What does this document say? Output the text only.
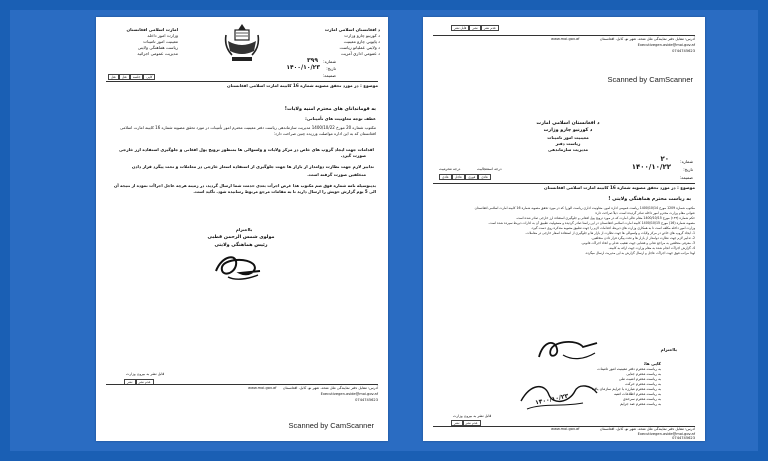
د افغانستان اسلامي امارت
د کورنیو چارو وزارت
د ټاټوبي چارو معینیت
د ولایتي عملیاتو ریاست
د عمومي اداري آمریت
امارت اسلامی افغانستان
وزارت امور داخله
معینیت امور تامینات
ریاست هماهنگی ولایتی
مدیریت عمومی اجرائیه
شماره:
۳۹۹
تاریخ:
۱۴۰۰/۱۰/۲۳
ضمیمه:
نقل	نقل	جلسه	کاپی
موضوع : در مورد تحقق مصوبه شماره 16 کابینه امارت اسلامی افغانستان
به قوماندانای های محترم امنیه ولایات!
عطف توجه معاونیت های تأمیناتی:
مکتوب شماره 20 مورخ 1400/10/22 مدیریت سازماندهی ریاست دفتر معینیت محترم امور تأمینات در مورد تحقق مصوبه شماره 16 کابینه امارت اسلامی افغانستان که به این اداره مواصلت ورزیده چنین صراحت دارد:
اقدامات جهت ایجاد گروپ های خاص در مرکز ولایات و ولسوالی ها بمنظور ترویج پول افغانی و جلوگیری استفاده ارز خارجی
صورت گیرد.
تدابیر لازم جهت نظارت دوامدار از بازار ها جهت جلوگیری از استفاده اسعار خارجی در معاملات و تحت پیگرد قرار دادن
متخلفین صورت گرفته است.
بدینوسیله نامه شماره فوق ضم مکتوب هذا غرض اجرآت بعدی خدمت شما ارسال گردید، در زمینه هرچه عاجل اجراآت نموده از نتیجه آن الی 5 یوم گزارش خویش را ارسال دارید تا به مقامات مرجع مربوط رسانیده شود. تأکید است.
بااحترام
مولوی شمس الرحمن قطبی
رئیس هماهنگی ولایتی
قابل نشر به بیرون وزارت
نشر	عدم نشر
www.moi.gov.af آدرس: مقابل دفتر نمایندگی ملل متحد، شهر نو، کابل، افغانستان
Executivegen.aside@moi.gov.af
0744745623
Scanned by CamScanner
قابل نشر	نشر	عدم نشر
www.moi.gov.af	آدرس: مقابل دفتر نمایندگی ملل متحد، شهر نو، کابل، افغانستان
Executivegen.aside@moi.gov.af
0744745623
Scanned by CamScanner
د افغانستان اسلامي امارت
د کورنیو چارو وزارت
معینیت امور تامینات
ریاست دفتر
مدیریت سازماندهی
شماره:
۲۰
تاریخ:
۱۴۰۰/۱۰/۲۲
ضمیمه:
درجه محرمیت	درجه استعجالیت
عادی	عاجل	فوری	عادی
موضوع : در مورد تحقق مصوبه شماره 16 کابینه امارت اسلامی افغانستان
به ریاست محترم هماهنگی ولایتی !
مکتوب شماره 1209 مورخ 1400/10/14 ریاست عمومی اداره امور، معاونیت اداری ریاست الوزرا که در مورد تحقق مصوبه شماره 16 کابینه امارت اسلامی افغانستان
عنوانی مقام وزارت محترم امور داخله صادر گردیده است، ذیلاً صراحت دارد:
حکم شماره (۱۴۳) مورخ 1400/10/15 مقام عالی امارت که در مورد ترویج پول افغانی و جلوگیری استفاده ارز خارجی صادر شده است،
مصوبه شماره (16) مورخ 1400/10/15 کابینه امارت اسلامی افغانستان در این راستا صادر گردیده و مسئولیت تطبیق آن به ادارات ذیربط سپرده شده است.
وزارت امور داخله مکلف است تا به همکاری وزارت های ذیربط، اقدامات لازم را جهت تطبیق مصوبه متذکره روی دست گیرد.
1- ایجاد گروپ های خاص در مرکز ولایات و ولسوالی ها جهت نظارت از بازار ها و جلوگیری از استفاده اسعار خارجی در معاملات.
2- تدابیر لازم جهت نظارت دوامدار از بازار ها و تحت پیگرد قرار دادن متخلفین.
3- معرفی متخلفین به مراجع عدلی و قضایی جهت تعقیب عدلی و اتخاذ اجراآت قانونی.
4- گزارش اجراآت انجام شده به مقام وزارت جهت ارائه به کابینه.
لهذا مراتب فوق جهت اجراآت عاجل و ارسال گزارش به این مدیریت ارسال میگردد.
بااحترام
۱۴۰۰/۱۰/۲۳
کاپی ها:
به ریاست محترم دفتر معینیت امور تامینات
به ریاست محترم جنایی
به ریاست محترم امنیت ملی
به ریاست محترم حرکت
به ریاست محترم مبارزه با جرایم سازمان یافته
به ریاست محترم اطلاعات امنیه
به ریاست محترم سرحدی
به ریاست محترم ضد جرایم
قابل نشر به بیرون وزارت
نشر	عدم نشر
www.moi.gov.af	آدرس: مقابل دفتر نمایندگی ملل متحد، شهر نو، کابل، افغانستان
Executivegen.aside@moi.gov.af
0744745623
